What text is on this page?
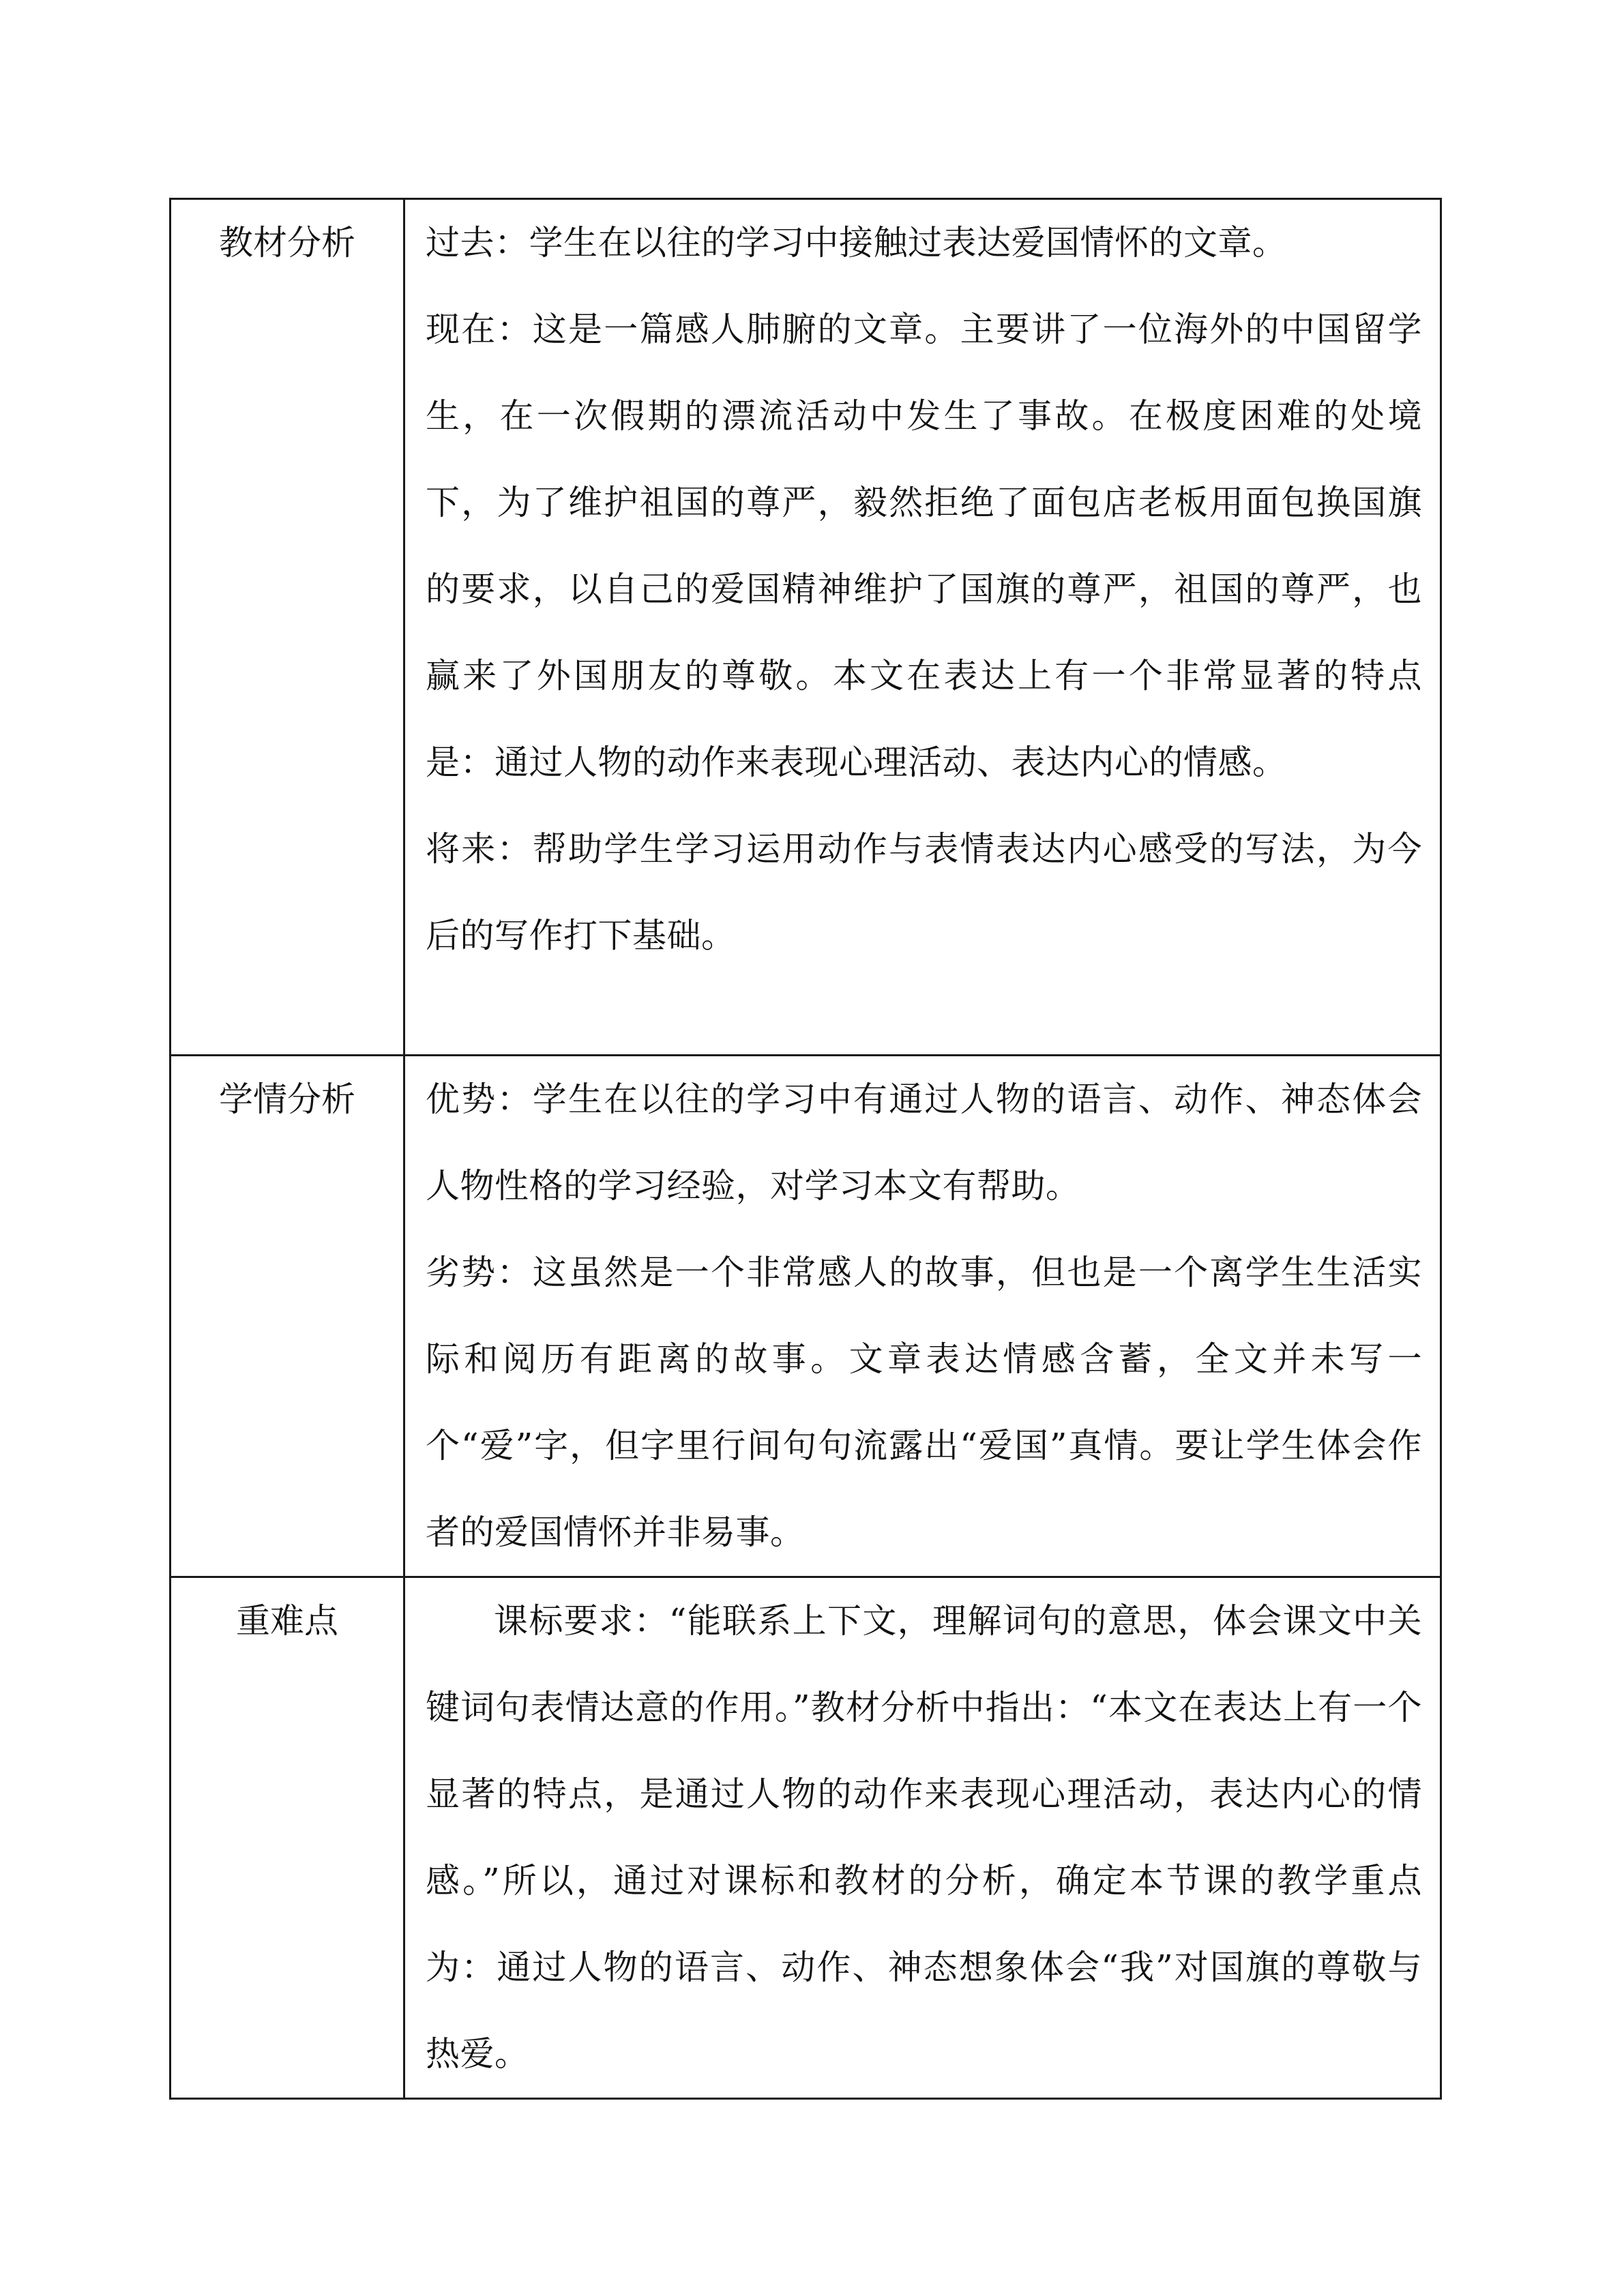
教材分析	过去：学生在以往的学习中接触过表达爱国情怀的文章。

现在：这是一篇感人肺腑的文章。主要讲了一位海外的中国留学生，在一次假期的漂流活动中发生了事故。在极度困难的处境下，为了维护祖国的尊严，毅然拒绝了面包店老板用面包换国旗的要求，以自己的爱国精神维护了国旗的尊严，祖国的尊严，也赢来了外国朋友的尊敬。本文在表达上有一个非常显著的特点是：通过人物的动作来表现心理活动、表达内心的情感。

将来：帮助学生学习运用动作与表情表达内心感受的写法，为今后的写作打下基础。

学情分析	优势：学生在以往的学习中有通过人物的语言、动作、神态体会人物性格的学习经验，对学习本文有帮助。

劣势：这虽然是一个非常感人的故事，但也是一个离学生生活实际和阅历有距离的故事。文章表达情感含蓄，全文并未写一个“爱”字，但字里行间句句流露出“爱国”真情。要让学生体会作者的爱国情怀并非易事。

重难点	课标要求：“能联系上下文，理解词句的意思，体会课文中关键词句表情达意的作用。”教材分析中指出：“本文在表达上有一个显著的特点，是通过人物的动作来表现心理活动，表达内心的情感。”所以，通过对课标和教材的分析，确定本节课的教学重点为：通过人物的语言、动作、神态想象体会“我”对国旗的尊敬与热爱。
